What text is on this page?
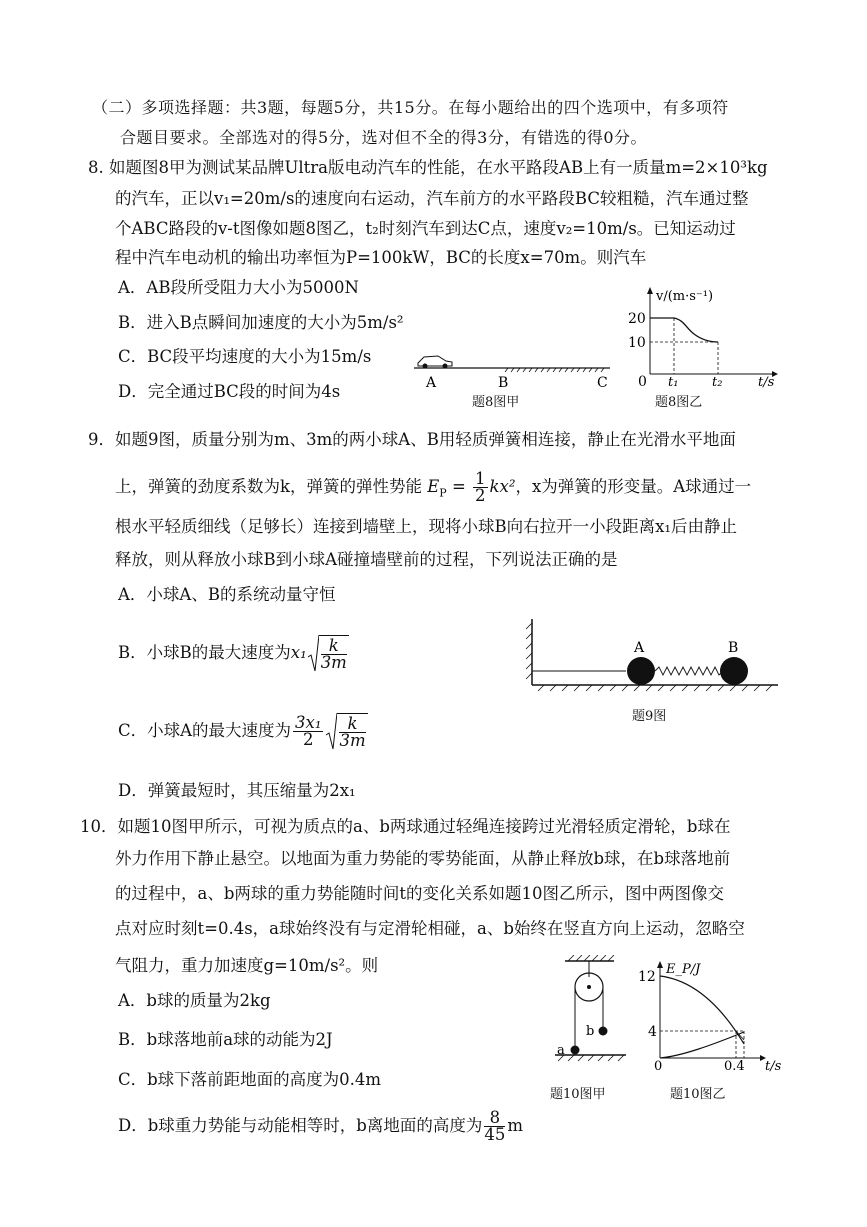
（二）多项选择题：共3题，每题5分，共15分。在每小题给出的四个选项中，有多项符
合题目要求。全部选对的得5分，选对但不全的得3分，有错选的得0分。
8. 如题图8甲为测试某品牌Ultra版电动汽车的性能，在水平路段AB上有一质量m=2×10³kg
的汽车，正以v₁=20m/s的速度向右运动，汽车前方的水平路段BC较粗糙，汽车通过整
个ABC路段的v-t图像如题8图乙，t₂时刻汽车到达C点，速度v₂=10m/s。已知运动过
程中汽车电动机的输出功率恒为P=100kW，BC的长度x=70m。则汽车
A．AB段所受阻力大小为5000N
B．进入B点瞬间加速度的大小为5m/s²
C．BC段平均速度的大小为15m/s
D．完全通过BC段的时间为4s	A	B	C
题8图甲
v/(m·s⁻¹)
20
10
0 t₁	t₂	t/s
题8图乙
9．如题9图，质量分别为m、3m的两小球A、B用轻质弹簧相连接，静止在光滑水平地面
上，弹簧的劲度系数为k，弹簧的弹性势能 $E_P = \frac{1}{2} kx^2$，x为弹簧的形变量。A球通过一
根水平轻质细线（足够长）连接到墙壁上，现将小球B向右拉开一小段距离x₁后由静止
释放，则从释放小球B到小球A碰撞墙壁前的过程，下列说法正确的是
A．小球A、B的系统动量守恒
B．小球B的最大速度为$x_1 \frac{k}{3m}$
C．小球A的最大速度为 $\frac{\text{3x₁}}{2} \frac{k}{3m}$
D．弹簧最短时，其压缩量为2x₁
A	B
题9图
10．如题10图甲所示，可视为质点的a、b两球通过轻绳连接跨过光滑轻质定滑轮，b球在
外力作用下静止悬空。以地面为重力势能的零势能面，从静止释放b球，在b球落地前
的过程中，a、b两球的重力势能随时间t的变化关系如题10图乙所示，图中两图像交
点对应时刻t=0.4s，a球始终没有与定滑轮相碰，a、b始终在竖直方向上运动，忽略空
气阻力，重力加速度g=10m/s²。则
A．b球的质量为2kg
B．b球落地前a球的动能为2J
C．b球下落前距地面的高度为0.4m
D．b球重力势能与动能相等时，b离地面的高度为 $\frac{8}{45}$ m
b
a
题10图甲
E_P/J
12
4
0	0.4 t/s
题10图乙
